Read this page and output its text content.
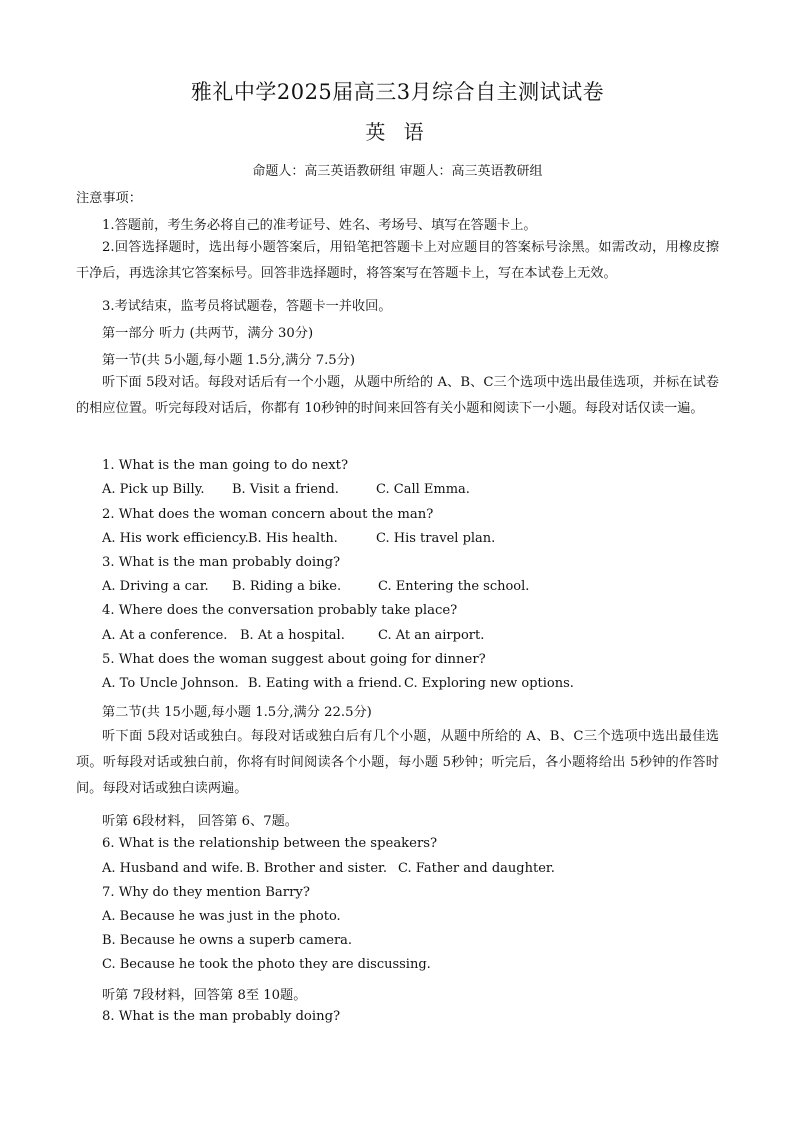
雅礼中学2025届高三3月综合自主测试试卷
英 语
命题人：高三英语教研组 审题人：高三英语教研组
注意事项：
1.答题前，考生务必将自己的准考证号、姓名、考场号、填写在答题卡上。
2.回答选择题时，选出每小题答案后，用铅笔把答题卡上对应题目的答案标号涂黑。如需改动，用橡皮擦干净后，再选涂其它答案标号。回答非选择题时，将答案写在答题卡上，写在本试卷上无效。
3.考试结束，监考员将试题卷，答题卡一并收回。
第一部分 听力 (共两节，满分 30分)
第一节(共 5小题,每小题 1.5分,满分 7.5分)
听下面 5段对话。每段对话后有一个小题，从题中所给的 A、B、C三个选项中选出最佳选项，并标在试卷的相应位置。听完每段对话后，你都有 10秒钟的时间来回答有关小题和阅读下一小题。每段对话仅读一遍。
1. What is the man going to do next?
A. Pick up Billy. B. Visit a friend.	C. Call Emma.
2. What does the woman concern about the man?
A. His work efficiency. B. His health.	C. His travel plan.
3. What is the man probably doing?
A. Driving a car. B. Riding a bike.	C. Entering the school.
4. Where does the conversation probably take place?
A. At a conference. B. At a hospital.	C. At an airport.
5. What does the woman suggest about going for dinner?
A. To Uncle Johnson. B. Eating with a friend. C. Exploring new options.
第二节(共 15小题,每小题 1.5分,满分 22.5分)
听下面 5段对话或独白。每段对话或独白后有几个小题，从题中所给的 A、B、C三个选项中选出最佳选项。听每段对话或独白前，你将有时间阅读各个小题，每小题 5秒钟；听完后，各小题将给出 5秒钟的作答时间。每段对话或独白读两遍。
听第 6段材料， 回答第 6、7题。
6. What is the relationship between the speakers?
A. Husband and wife. B. Brother and sister. C. Father and daughter.
7. Why do they mention Barry?
A. Because he was just in the photo.
B. Because he owns a superb camera.
C. Because he took the photo they are discussing.
听第 7段材料，回答第 8至 10题。
8. What is the man probably doing?
